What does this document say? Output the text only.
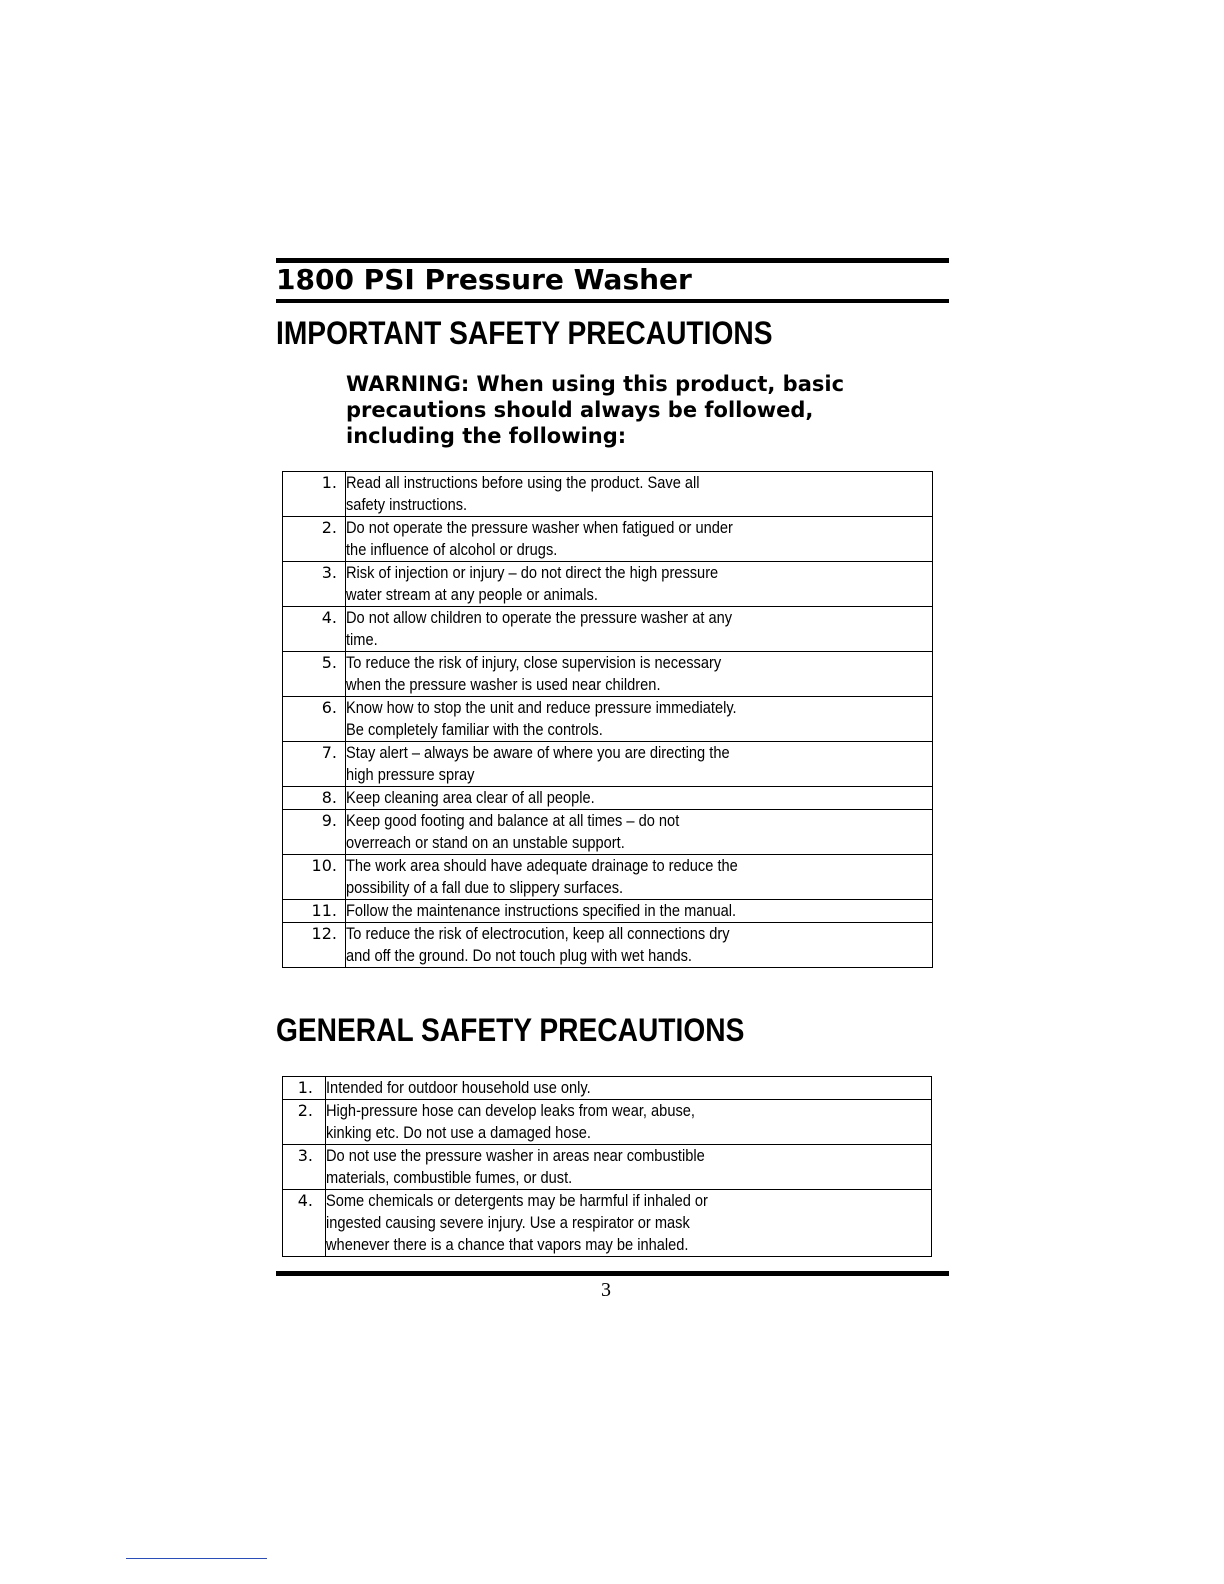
1800 PSI Pressure Washer
IMPORTANT SAFETY PRECAUTIONS
WARNING: When using this product, basic
precautions should always be followed,
including the following:
1.	Read all instructions before using the product. Save all
safety instructions.

2.	Do not operate the pressure washer when fatigued or under
the influence of alcohol or drugs.

3.	Risk of injection or injury – do not direct the high pressure
water stream at any people or animals.

4.	Do not allow children to operate the pressure washer at any
time.

5.	To reduce the risk of injury, close supervision is necessary
when the pressure washer is used near children.

6.	Know how to stop the unit and reduce pressure immediately.
Be completely familiar with the controls.

7.	Stay alert – always be aware of where you are directing the
high pressure spray

8.	Keep cleaning area clear of all people.

9.	Keep good footing and balance at all times – do not
overreach or stand on an unstable support.

10.	The work area should have adequate drainage to reduce the
possibility of a fall due to slippery surfaces.

11.	Follow the maintenance instructions specified in the manual.

12.	To reduce the risk of electrocution, keep all connections dry
and off the ground. Do not touch plug with wet hands.
GENERAL SAFETY PRECAUTIONS
1.	Intended for outdoor household use only.

2.	High-pressure hose can develop leaks from wear, abuse,
kinking etc. Do not use a damaged hose.

3.	Do not use the pressure washer in areas near combustible
materials, combustible fumes, or dust.

4.	Some chemicals or detergents may be harmful if inhaled or
ingested causing severe injury. Use a respirator or mask
whenever there is a chance that vapors may be inhaled.
3
